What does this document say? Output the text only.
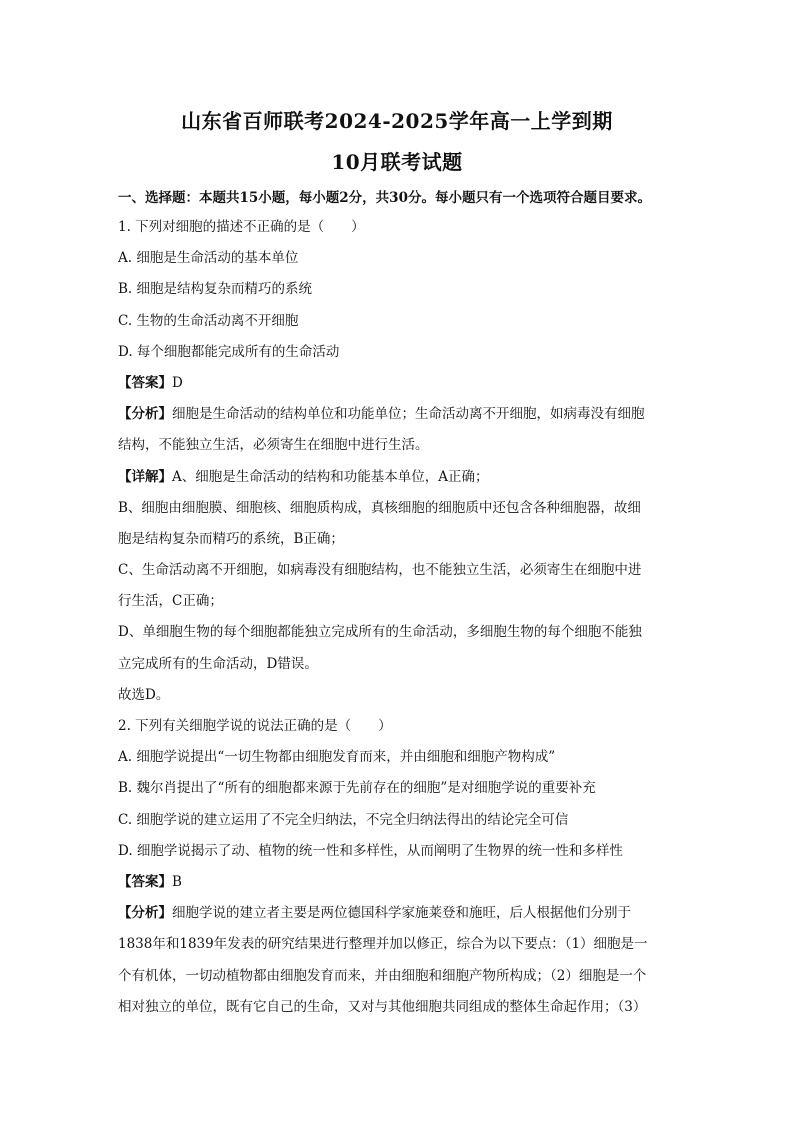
山东省百师联考2024-2025学年高一上学到期
10月联考试题
一、选择题：本题共15小题，每小题2分，共30分。每小题只有一个选项符合题目要求。
1. 下列对细胞的描述不正确的是（　　）
A. 细胞是生命活动的基本单位
B. 细胞是结构复杂而精巧的系统
C. 生物的生命活动离不开细胞
D. 每个细胞都能完成所有的生命活动
【答案】D
【分析】细胞是生命活动的结构单位和功能单位；生命活动离不开细胞，如病毒没有细胞
结构，不能独立生活，必须寄生在细胞中进行生活。
【详解】A、细胞是生命活动的结构和功能基本单位，A正确；
B、细胞由细胞膜、细胞核、细胞质构成，真核细胞的细胞质中还包含各种细胞器，故细
胞是结构复杂而精巧的系统，B正确；
C、生命活动离不开细胞，如病毒没有细胞结构，也不能独立生活，必须寄生在细胞中进
行生活，C正确；
D、单细胞生物的每个细胞都能独立完成所有的生命活动，多细胞生物的每个细胞不能独
立完成所有的生命活动，D错误。
故选D。
2. 下列有关细胞学说的说法正确的是（　　）
A. 细胞学说提出“一切生物都由细胞发育而来，并由细胞和细胞产物构成”
B. 魏尔肖提出了“所有的细胞都来源于先前存在的细胞”是对细胞学说的重要补充
C. 细胞学说的建立运用了不完全归纳法，不完全归纳法得出的结论完全可信
D. 细胞学说揭示了动、植物的统一性和多样性，从而阐明了生物界的统一性和多样性
【答案】B
【分析】细胞学说的建立者主要是两位德国科学家施莱登和施旺，后人根据他们分别于
1838年和1839年发表的研究结果进行整理并加以修正，综合为以下要点：（1）细胞是一
个有机体，一切动植物都由细胞发育而来，并由细胞和细胞产物所构成；（2）细胞是一个
相对独立的单位，既有它自己的生命，又对与其他细胞共同组成的整体生命起作用；（3）
